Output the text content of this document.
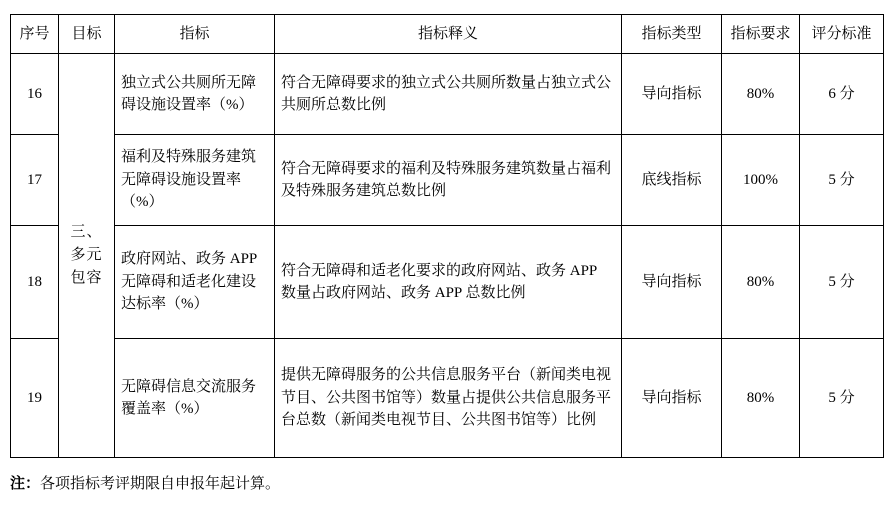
序号	目标	指标	指标释义	指标类型	指标要求	评分标准
16	三、多元包容	独立式公共厕所无障碍设施设置率（%）	符合无障碍要求的独立式公共厕所数量占独立式公共厕所总数比例	导向指标	80%	6 分
17		福利及特殊服务建筑无障碍设施设置率（%）	符合无障碍要求的福利及特殊服务建筑数量占福利及特殊服务建筑总数比例	底线指标	100%	5 分
18		政府网站、政务 APP 无障碍和适老化建设达标率（%）	符合无障碍和适老化要求的政府网站、政务 APP 数量占政府网站、政务 APP 总数比例	导向指标	80%	5 分
19		无障碍信息交流服务覆盖率（%）	提供无障碍服务的公共信息服务平台（新闻类电视节目、公共图书馆等）数量占提供公共信息服务平台总数（新闻类电视节目、公共图书馆等）比例	导向指标	80%	5 分
注：各项指标考评期限自申报年起计算。
